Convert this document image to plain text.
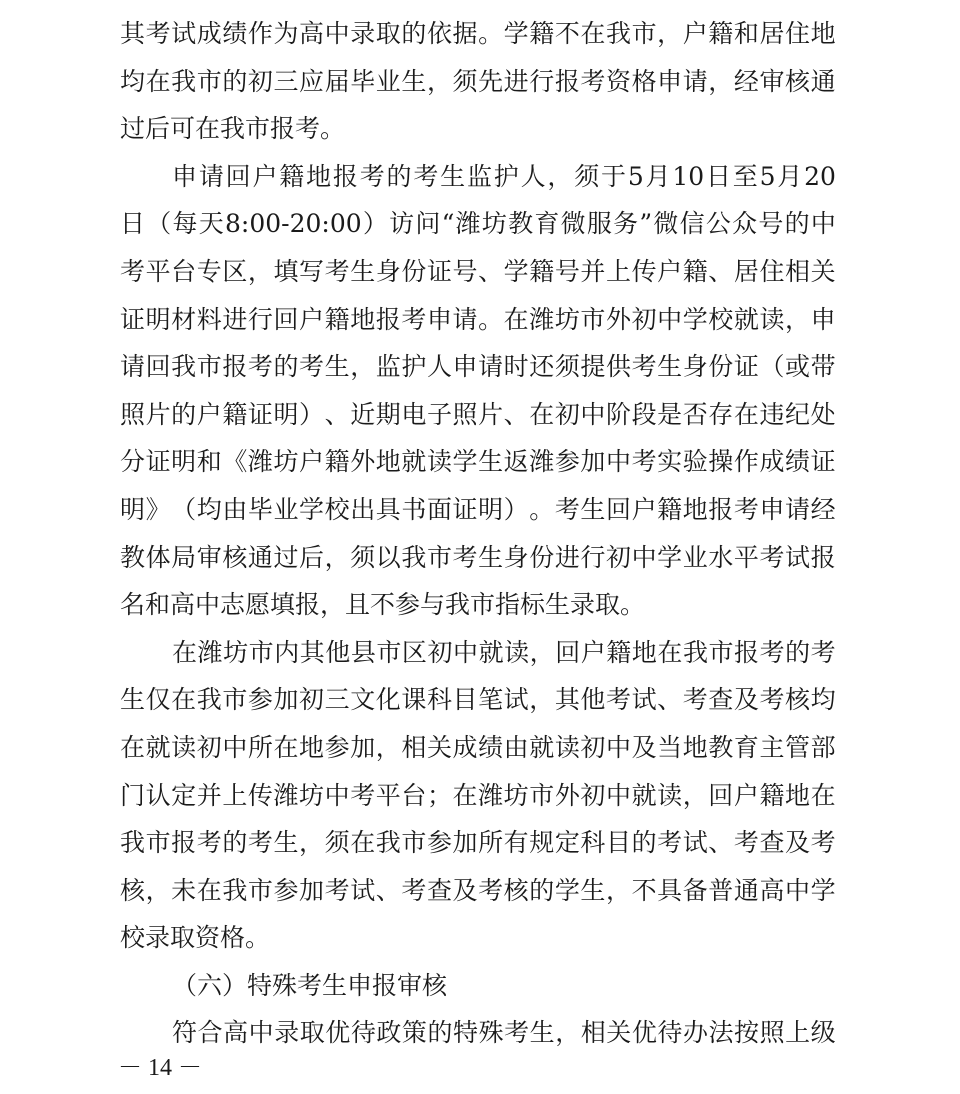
其 考 试 成 绩 作 为 高 中 录 取 的 依 据 。 学 籍 不 在 我 市 ， 户 籍 和 居 住 地
均 在 我 市 的 初 三 应 届 毕 业 生 ， 须 先 进 行 报 考 资 格 申 请 ， 经 审 核 通
过后可在我市报考。
申 请 回 户 籍 地 报 考 的 考 生 监 护 人 ， 须 于 5 月 10 日 至 5 月 20
日 （ 每 天 8:00-20:00 ） 访 问 “ 潍 坊 教 育 微 服 务 ” 微 信 公 众 号 的 中
考 平 台 专 区 ， 填 写 考 生 身 份 证 号 、 学 籍 号 并 上 传 户 籍 、 居 住 相 关
证 明 材 料 进 行 回 户 籍 地 报 考 申 请 。 在 潍 坊 市 外 初 中 学 校 就 读 ， 申
请 回 我 市 报 考 的 考 生 ， 监 护 人 申 请 时 还 须 提 供 考 生 身 份 证 （ 或 带
照 片 的 户 籍 证 明 ） 、 近 期 电 子 照 片 、 在 初 中 阶 段 是 否 存 在 违 纪 处
分 证 明 和 《 潍 坊 户 籍 外 地 就 读 学 生 返 潍 参 加 中 考 实 验 操 作 成 绩 证
明 》 （ 均 由 毕 业 学 校 出 具 书 面 证 明 ） 。 考 生 回 户 籍 地 报 考 申 请 经
教 体 局 审 核 通 过 后 ， 须 以 我 市 考 生 身 份 进 行 初 中 学 业 水 平 考 试 报
名和高中志愿填报，且不参与我市指标生录取。
在 潍 坊 市 内 其 他 县 市 区 初 中 就 读 ， 回 户 籍 地 在 我 市 报 考 的 考
生 仅 在 我 市 参 加 初 三 文 化 课 科 目 笔 试 ， 其 他 考 试 、 考 查 及 考 核 均
在 就 读 初 中 所 在 地 参 加 ， 相 关 成 绩 由 就 读 初 中 及 当 地 教 育 主 管 部
门 认 定 并 上 传 潍 坊 中 考 平 台 ； 在 潍 坊 市 外 初 中 就 读 ， 回 户 籍 地 在
我 市 报 考 的 考 生 ， 须 在 我 市 参 加 所 有 规 定 科 目 的 考 试 、 考 查 及 考
核 ， 未 在 我 市 参 加 考 试 、 考 查 及 考 核 的 学 生 ， 不 具 备 普 通 高 中 学
校录取资格。
（六）特殊考生申报审核
符 合 高 中 录 取 优 待 政 策 的 特 殊 考 生 ， 相 关 优 待 办 法 按 照 上 级
－ 14 －
